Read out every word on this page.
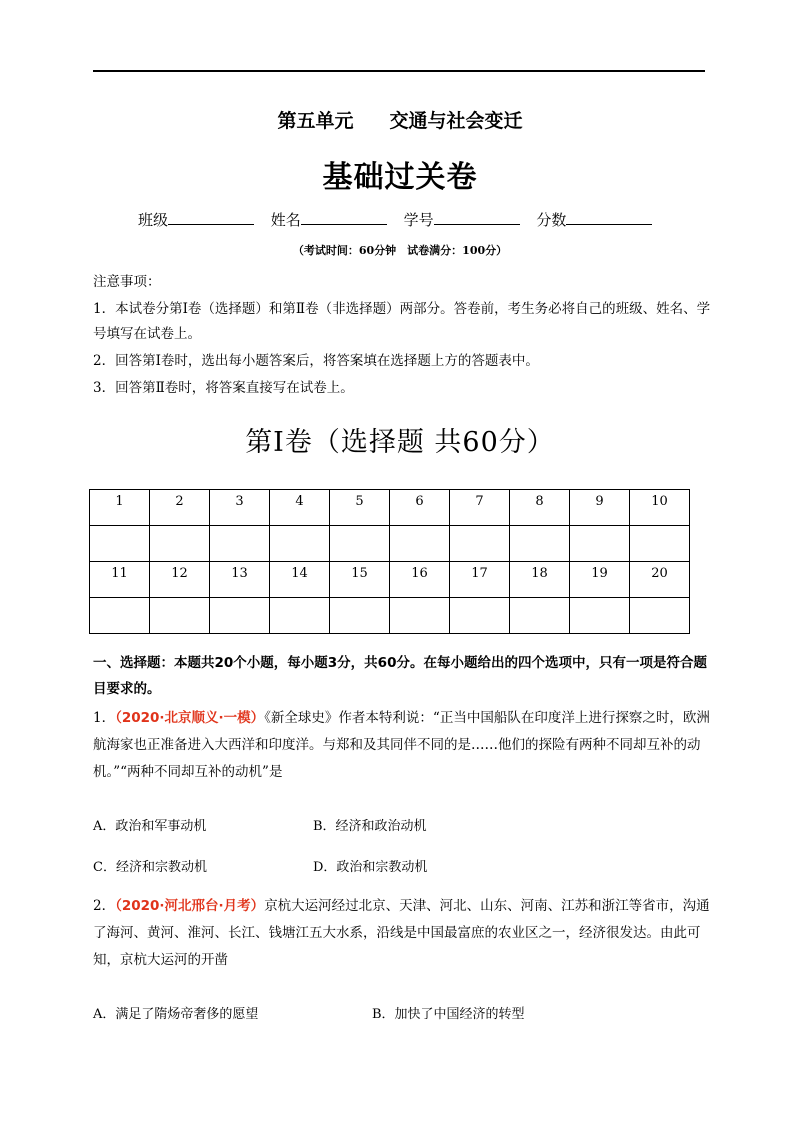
第五单元 交通与社会变迁
基础过关卷
班级	姓名	学号	分数
（考试时间：60分钟　试卷满分：100分）

注意事项：

1．本试卷分第Ⅰ卷（选择题）和第Ⅱ卷（非选择题）两部分。答卷前，考生务必将自己的班级、姓名、学号填写在试卷上。

2．回答第Ⅰ卷时，选出每小题答案后，将答案填在选择题上方的答题表中。

3．回答第Ⅱ卷时，将答案直接写在试卷上。

第Ⅰ卷（选择题 共60分）
1	2	3	4	5	6	7	8	9	10

11	12	13	14	15	16	17	18	19	20

一、选择题：本题共20个小题，每小题3分，共60分。在每小题给出的四个选项中，只有一项是符合题目要求的。
1．（2020·北京顺义·一模）《新全球史》作者本特利说：“正当中国船队在印度洋上进行探察之时，欧洲航海家也正准备进入大西洋和印度洋。与郑和及其同伴不同的是……他们的探险有两种不同却互补的动机。”“两种不同却互补的动机”是
A．政治和军事动机	B．经济和政治动机
C．经济和宗教动机	D．政治和宗教动机
2．（2020·河北邢台·月考）京杭大运河经过北京、天津、河北、山东、河南、江苏和浙江等省市，沟通了海河、黄河、淮河、长江、钱塘江五大水系，沿线是中国最富庶的农业区之一，经济很发达。由此可知，京杭大运河的开凿
A．满足了隋炀帝奢侈的愿望	B．加快了中国经济的转型
